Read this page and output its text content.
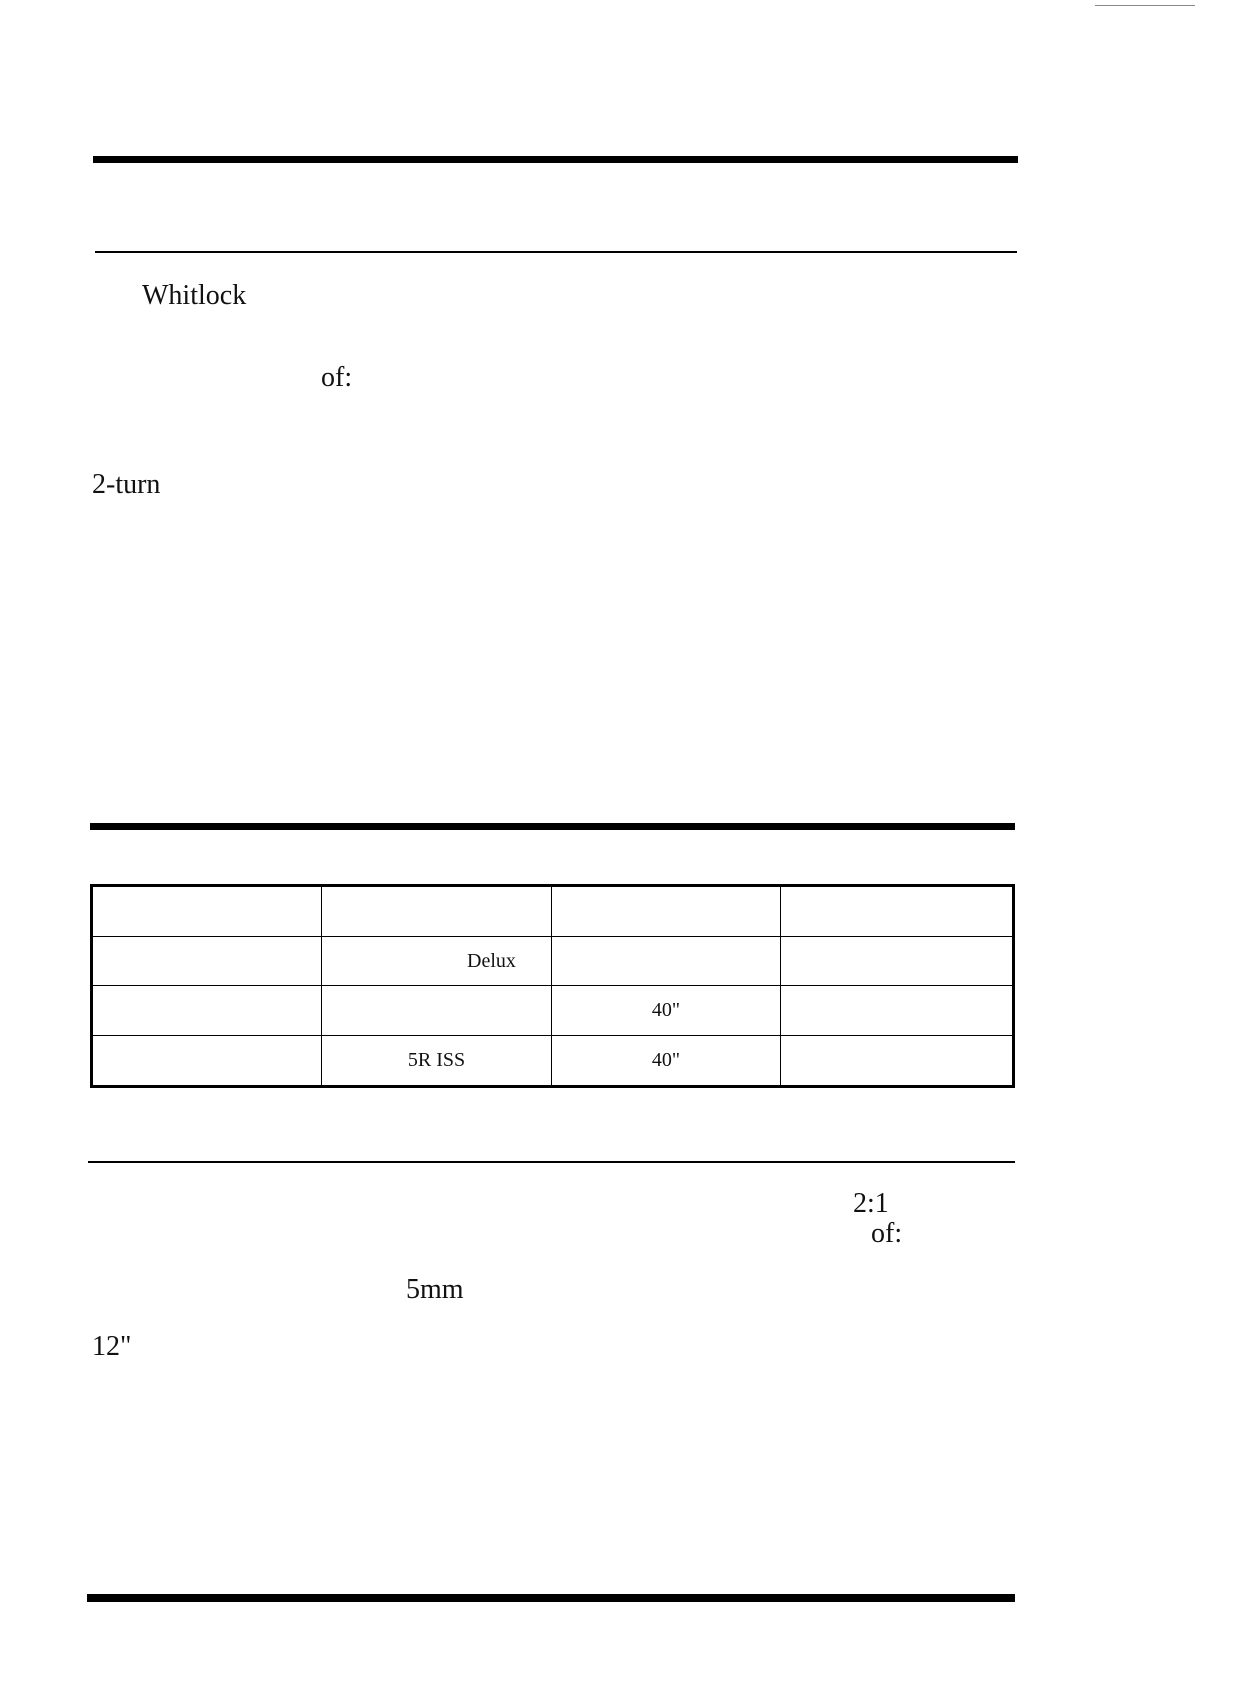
Whitlock
of:
2-turn

	Delux		
		40"	
	5R ISS	40"	
2:1
of:
5mm
12"
